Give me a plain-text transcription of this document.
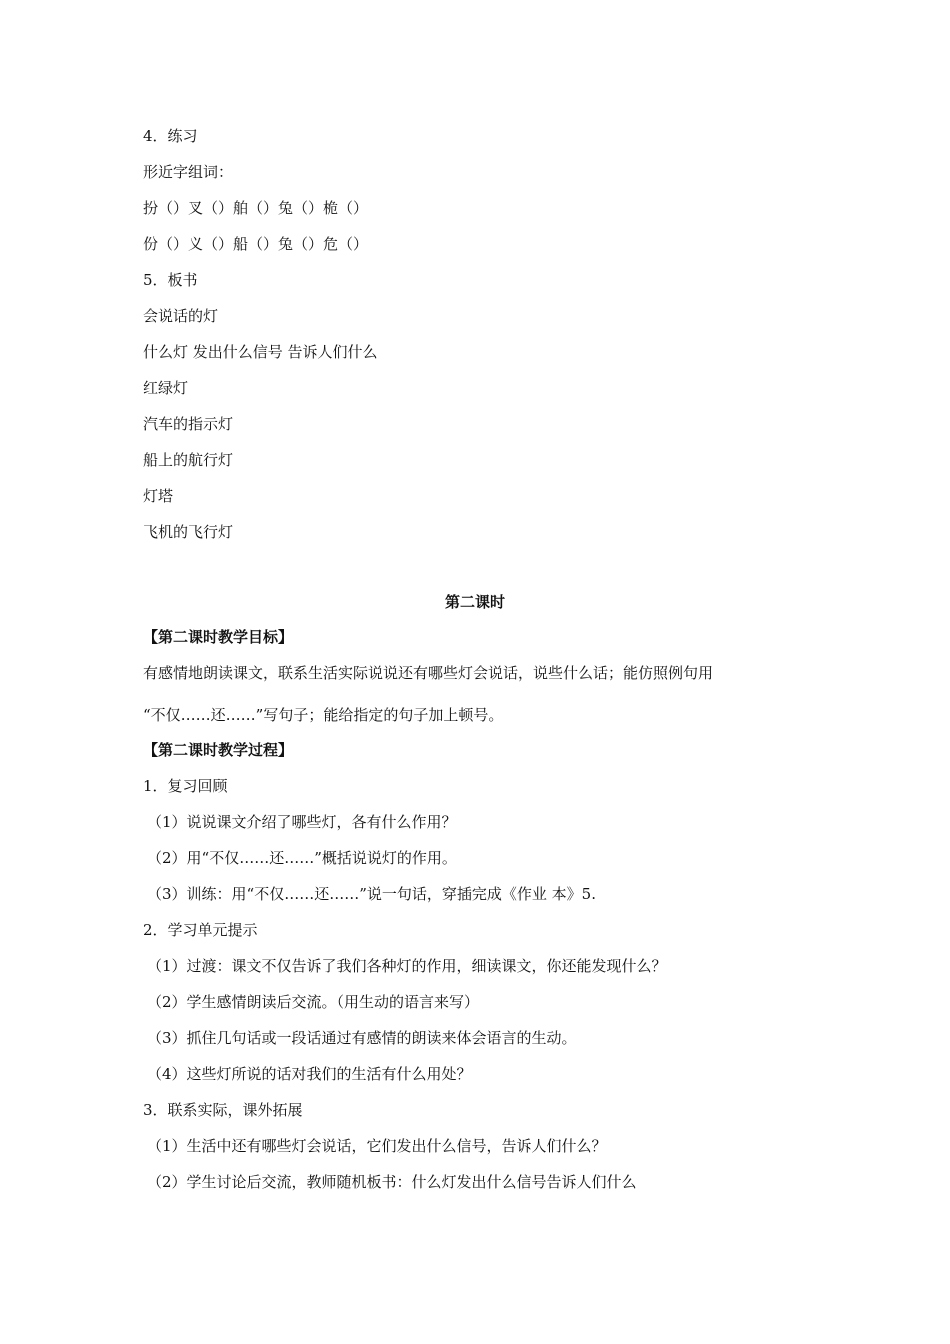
4．练习
形近字组词：
扮（）叉（）舶（）兔（）桅（）
份（）义（）船（）兔（）危（）
5．板书
会说话的灯
什么灯 发出什么信号 告诉人们什么
红绿灯
汽车的指示灯
船上的航行灯
灯塔
飞机的飞行灯
第二课时
【第二课时教学目标】
有感情地朗读课文，联系生活实际说说还有哪些灯会说话，说些什么话；能仿照例句用
“不仅……还……”写句子；能给指定的句子加上顿号。
【第二课时教学过程】
1．复习回顾
（1）说说课文介绍了哪些灯，各有什么作用？
（2）用“不仅……还……”概括说说灯的作用。
（3）训练：用“不仅……还……”说一句话，穿插完成《作业 本》5.
2．学习单元提示
（1）过渡：课文不仅告诉了我们各种灯的作用，细读课文，你还能发现什么？
（2）学生感情朗读后交流。（用生动的语言来写）
（3）抓住几句话或一段话通过有感情的朗读来体会语言的生动。
（4）这些灯所说的话对我们的生活有什么用处？
3．联系实际，课外拓展
（1）生活中还有哪些灯会说话，它们发出什么信号，告诉人们什么？
（2）学生讨论后交流，教师随机板书：什么灯发出什么信号告诉人们什么
